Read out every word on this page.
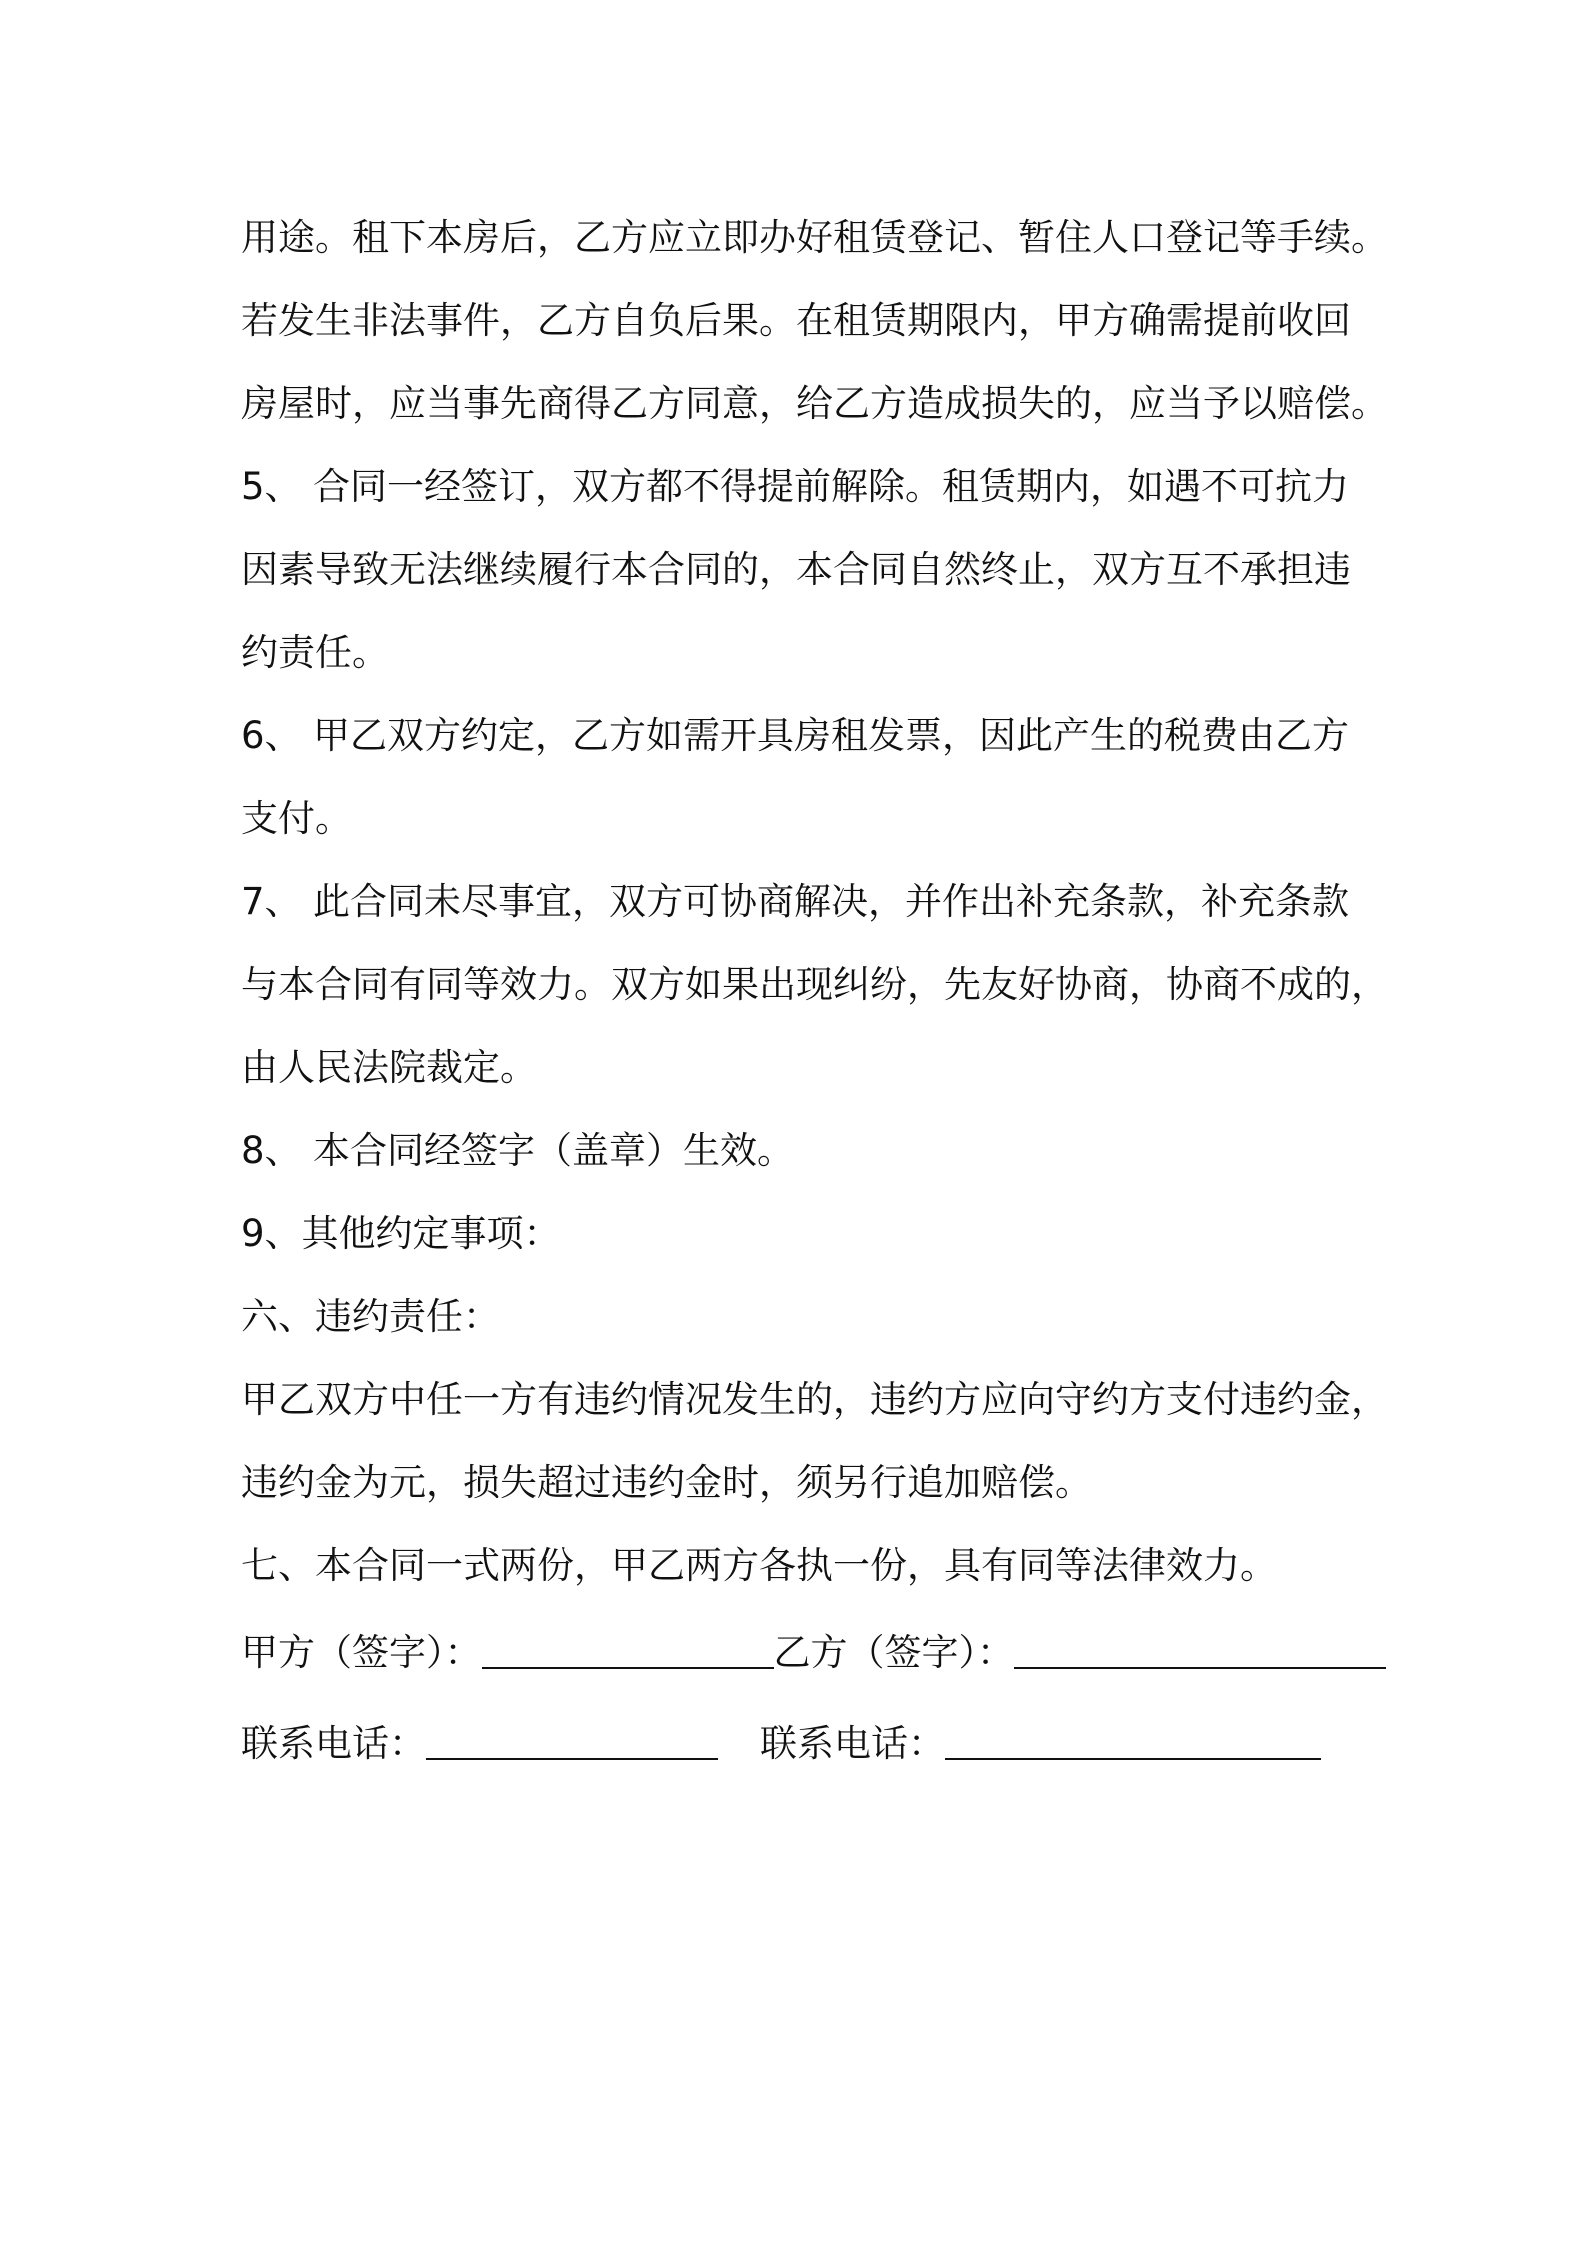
用途。租下本房后，乙方应立即办好租赁登记、暂住人口登记等手续。
若发生非法事件，乙方自负后果。在租赁期限内，甲方确需提前收回
房屋时，应当事先商得乙方同意，给乙方造成损失的，应当予以赔偿。
5、 合同一经签订，双方都不得提前解除。租赁期内，如遇不可抗力
因素导致无法继续履行本合同的，本合同自然终止，双方互不承担违
约责任。
6、 甲乙双方约定，乙方如需开具房租发票，因此产生的税费由乙方
支付。
7、 此合同未尽事宜，双方可协商解决，并作出补充条款，补充条款
与本合同有同等效力。双方如果出现纠纷，先友好协商，协商不成的，
由人民法院裁定。
8、 本合同经签字（盖章）生效。
9、其他约定事项：
六、违约责任：
甲乙双方中任一方有违约情况发生的，违约方应向守约方支付违约金，
违约金为元，损失超过违约金时，须另行追加赔偿。
七、本合同一式两份，甲乙两方各执一份，具有同等法律效力。
甲方（签字）：	乙方（签字）：
联系电话：	联系电话：
